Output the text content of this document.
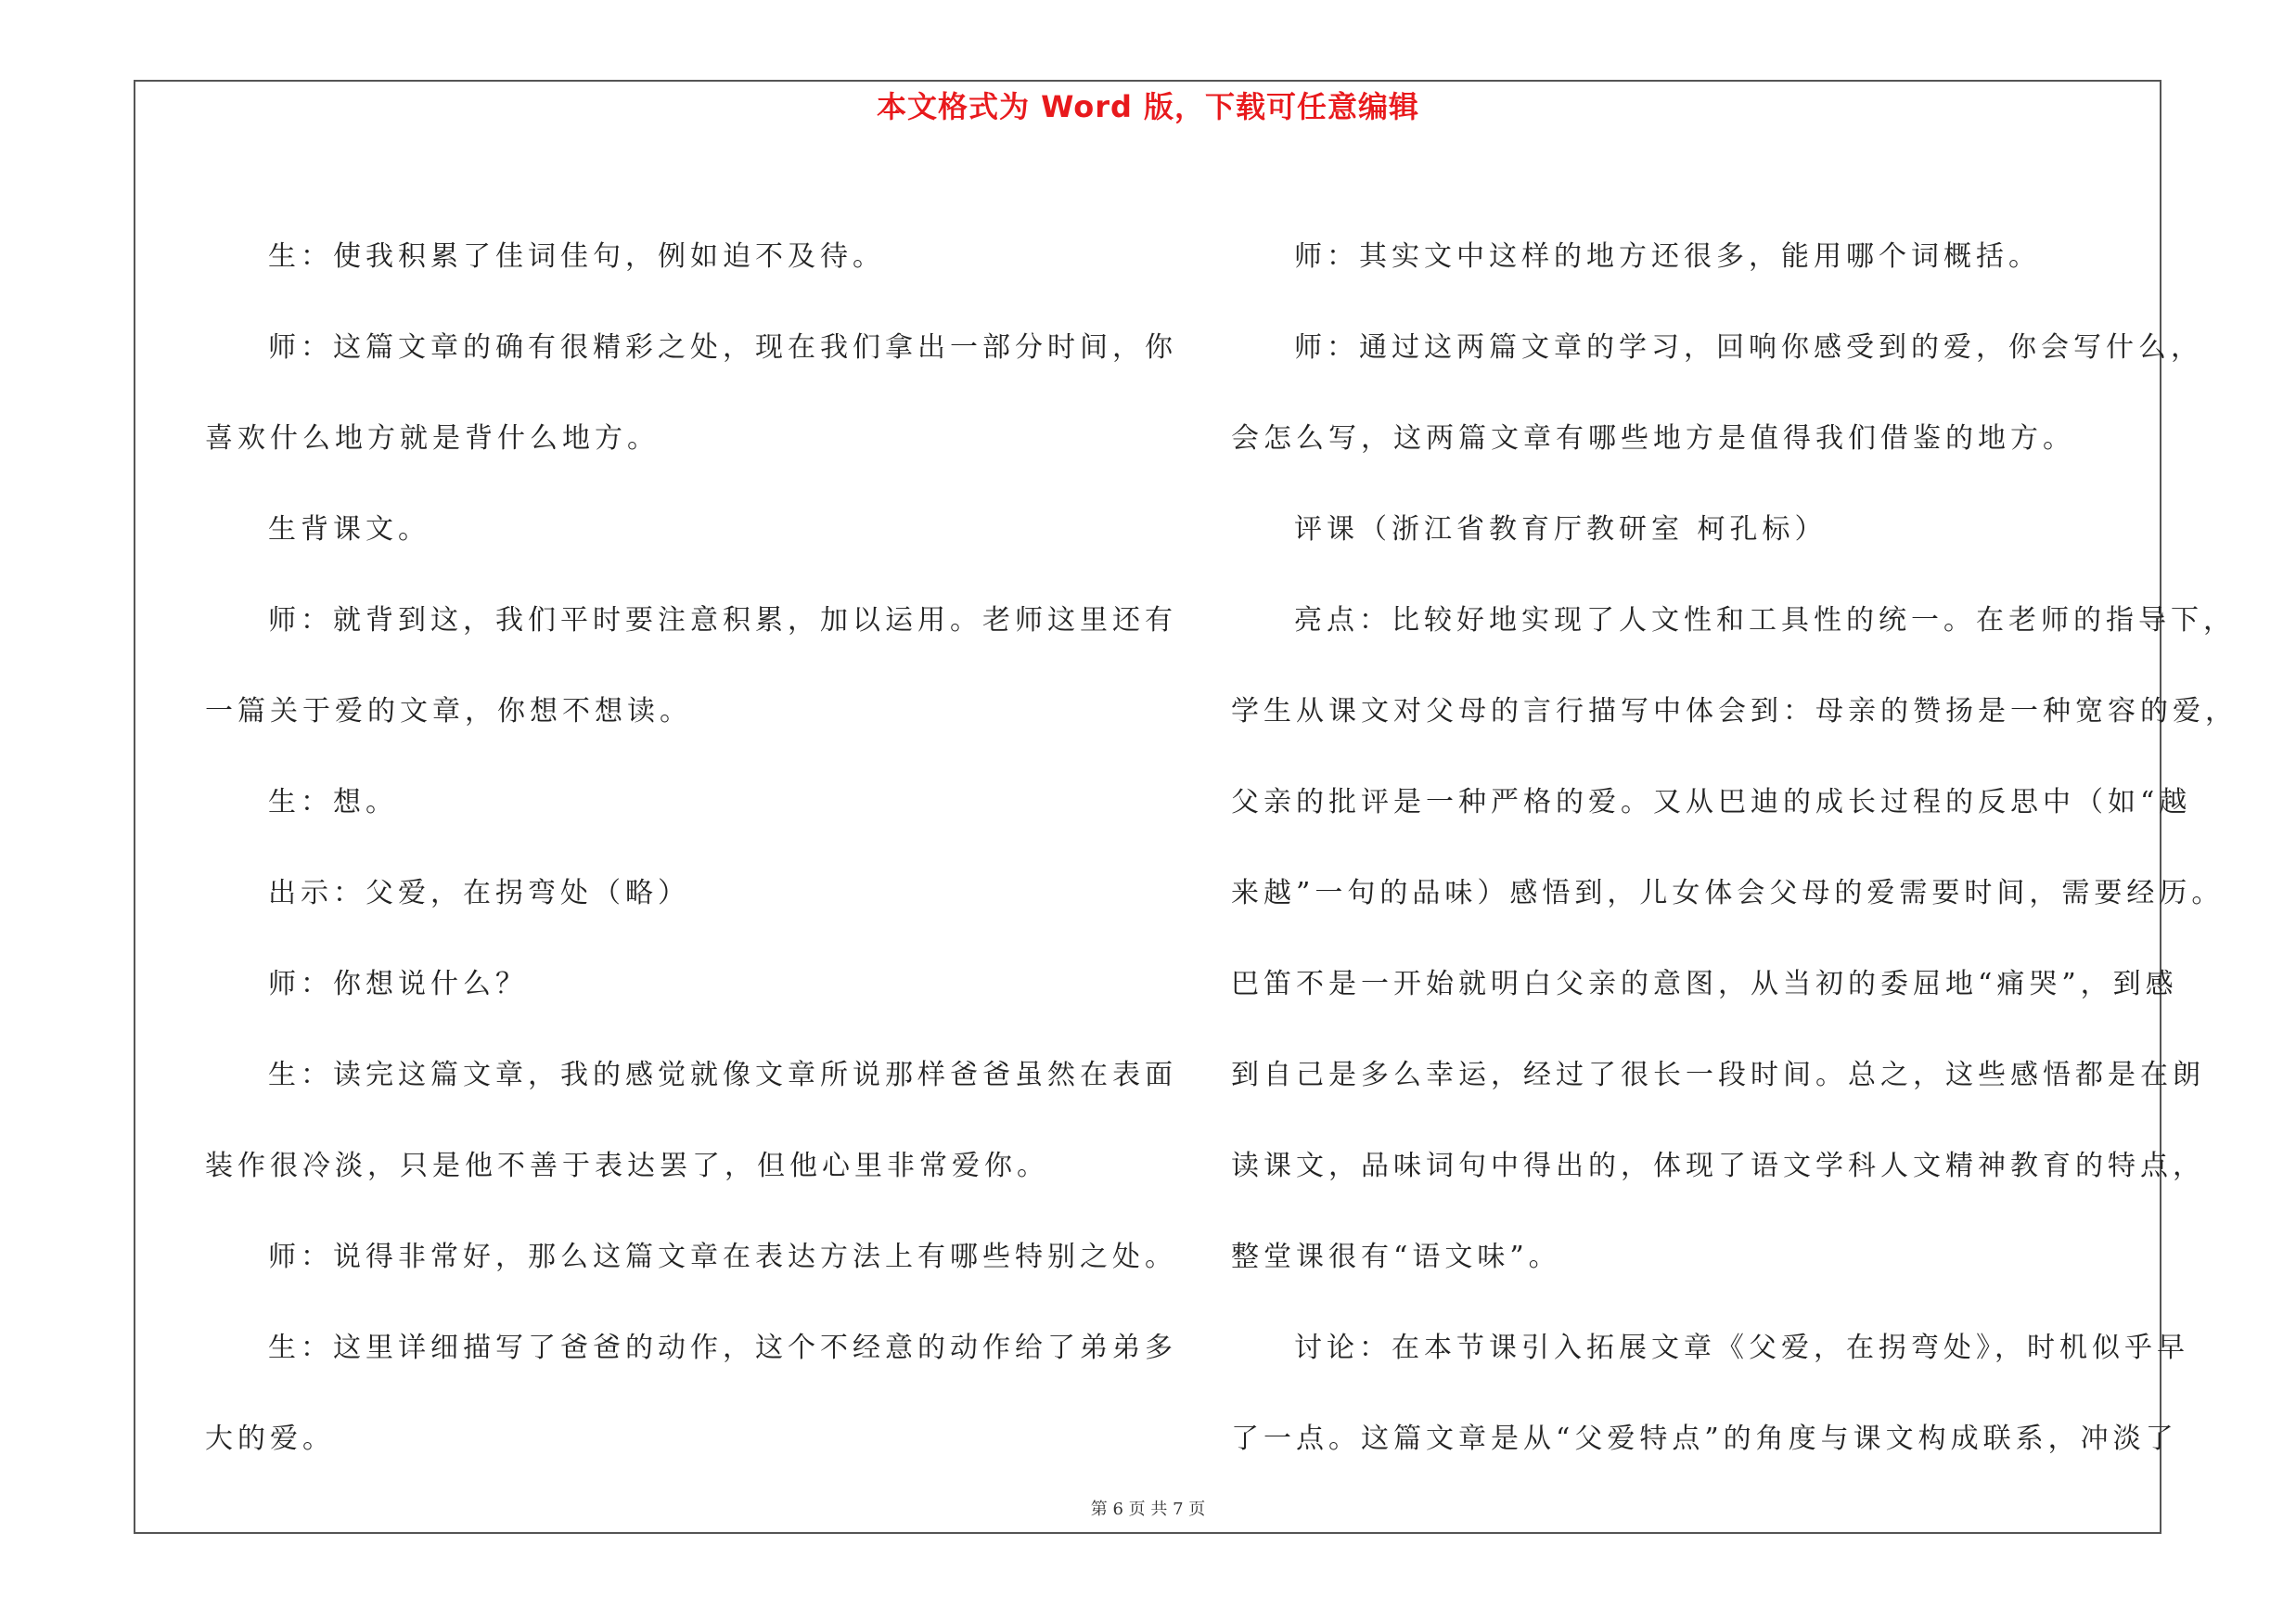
本文格式为 Word 版，下载可任意编辑
生：使我积累了佳词佳句，例如迫不及待。
师：这篇文章的确有很精彩之处，现在我们拿出一部分时间，你
喜欢什么地方就是背什么地方。
生背课文。
师：就背到这，我们平时要注意积累，加以运用。老师这里还有
一篇关于爱的文章，你想不想读。
生：想。
出示：父爱，在拐弯处（略）
师：你想说什么？
生：读完这篇文章，我的感觉就像文章所说那样爸爸虽然在表面
装作很冷淡，只是他不善于表达罢了，但他心里非常爱你。
师：说得非常好，那么这篇文章在表达方法上有哪些特别之处。
生：这里详细描写了爸爸的动作，这个不经意的动作给了弟弟多
大的爱。
师：其实文中这样的地方还很多，能用哪个词概括。
师：通过这两篇文章的学习，回响你感受到的爱，你会写什么，
会怎么写，这两篇文章有哪些地方是值得我们借鉴的地方。
评课（浙江省教育厅教研室 柯孔标）
亮点：比较好地实现了人文性和工具性的统一。在老师的指导下，
学生从课文对父母的言行描写中体会到：母亲的赞扬是一种宽容的爱，
父亲的批评是一种严格的爱。又从巴迪的成长过程的反思中（如“越
来越”一句的品味）感悟到，儿女体会父母的爱需要时间，需要经历。
巴笛不是一开始就明白父亲的意图，从当初的委屈地“痛哭”，到感
到自己是多么幸运，经过了很长一段时间。总之，这些感悟都是在朗
读课文，品味词句中得出的，体现了语文学科人文精神教育的特点，
整堂课很有“语文味”。
讨论：在本节课引入拓展文章《父爱，在拐弯处》，时机似乎早
了一点。这篇文章是从“父爱特点”的角度与课文构成联系，冲淡了
第 6 页 共 7 页
